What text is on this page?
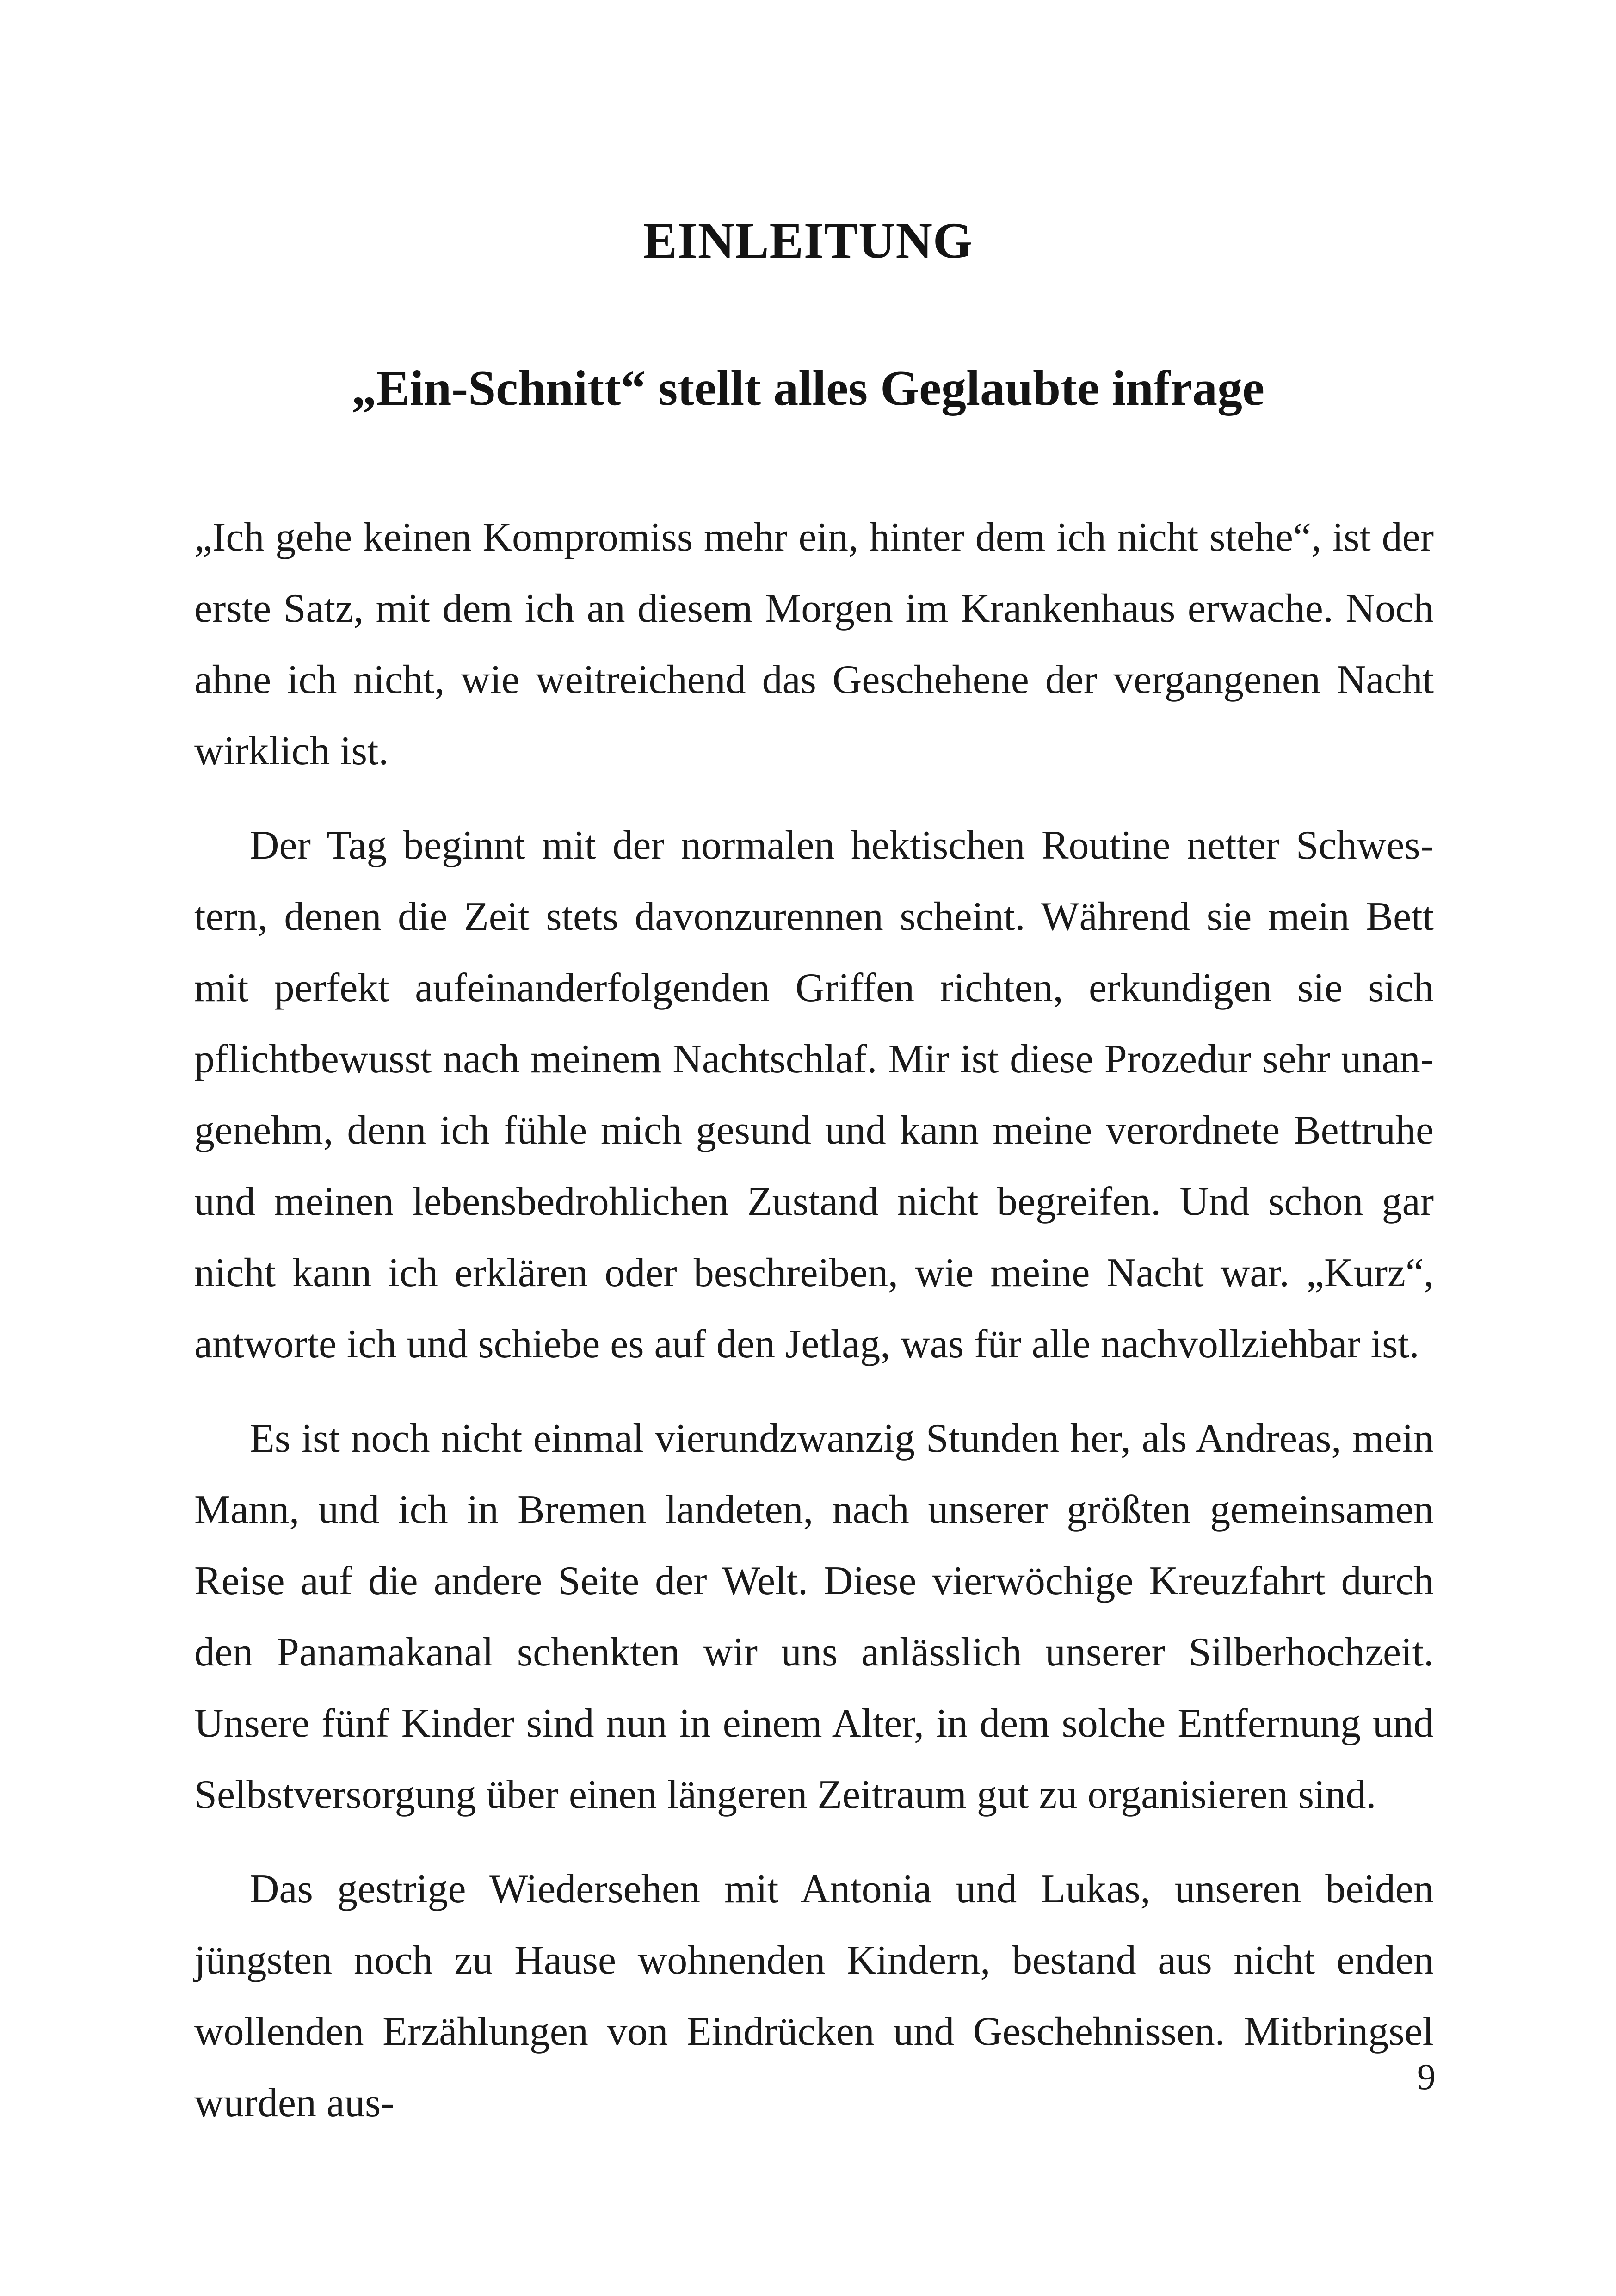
EINLEITUNG
„Ein-Schnitt“ stellt alles Geglaubte infrage

„Ich gehe keinen Kompromiss mehr ein, hinter dem ich nicht stehe“, ist der erste Satz, mit dem ich an diesem Morgen im Krankenhaus erwache. Noch ahne ich nicht, wie weitreichend das Geschehene der vergangenen Nacht wirklich ist.

Der Tag beginnt mit der normalen hektischen Routine netter Schwestern, denen die Zeit stets davonzurennen scheint. Während sie mein Bett mit perfekt aufeinanderfolgenden Griffen richten, erkundigen sie sich pflichtbewusst nach meinem Nachtschlaf. Mir ist diese Prozedur sehr unangenehm, denn ich fühle mich gesund und kann meine verordnete Bettruhe und meinen lebensbedrohlichen Zustand nicht begreifen. Und schon gar nicht kann ich erklären oder beschreiben, wie meine Nacht war. „Kurz“, antworte ich und schiebe es auf den Jetlag, was für alle nachvollziehbar ist.

Es ist noch nicht einmal vierundzwanzig Stunden her, als Andreas, mein Mann, und ich in Bremen landeten, nach unserer größten gemeinsamen Reise auf die andere Seite der Welt. Diese vierwöchige Kreuzfahrt durch den Panamakanal schenkten wir uns anlässlich unserer Silberhochzeit. Unsere fünf Kinder sind nun in einem Alter, in dem solche Entfernung und Selbstversorgung über einen längeren Zeitraum gut zu organisieren sind.

Das gestrige Wiedersehen mit Antonia und Lukas, unseren beiden jüngsten noch zu Hause wohnenden Kindern, bestand aus nicht enden wollenden Erzählungen von Eindrücken und Geschehnissen. Mitbringsel wurden aus-

9
